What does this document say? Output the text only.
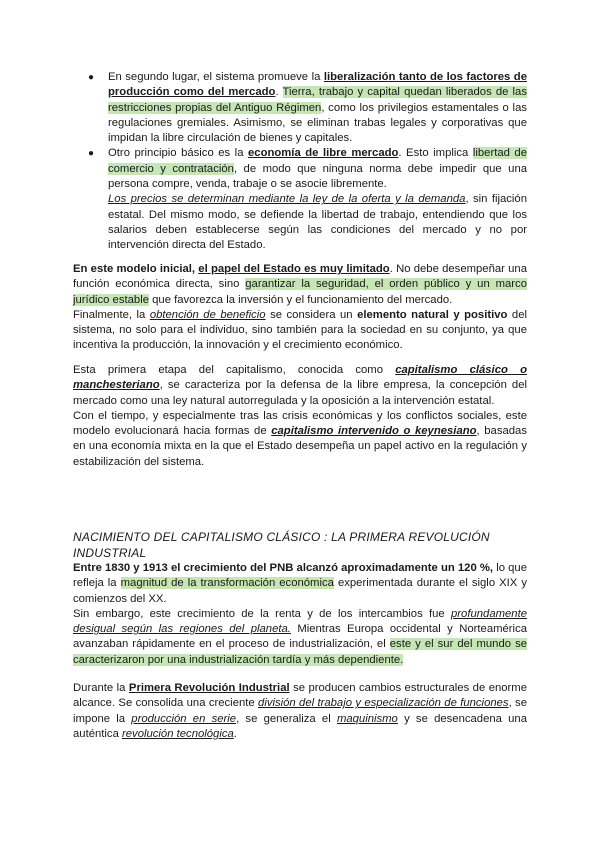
● En segundo lugar, el sistema promueve la liberalización tanto de los factores de producción como del mercado. Tierra, trabajo y capital quedan liberados de las restricciones propias del Antiguo Régimen, como los privilegios estamentales o las regulaciones gremiales. Asimismo, se eliminan trabas legales y corporativas que impidan la libre circulación de bienes y capitales.
● Otro principio básico es la economía de libre mercado. Esto implica libertad de comercio y contratación, de modo que ninguna norma debe impedir que una persona compre, venda, trabaje o se asocie libremente.
Los precios se determinan mediante la ley de la oferta y la demanda, sin fijación estatal. Del mismo modo, se defiende la libertad de trabajo, entendiendo que los salarios deben establecerse según las condiciones del mercado y no por intervención directa del Estado.

En este modelo inicial, el papel del Estado es muy limitado. No debe desempeñar una función económica directa, sino garantizar la seguridad, el orden público y un marco jurídico estable que favorezca la inversión y el funcionamiento del mercado.

Finalmente, la obtención de beneficio se considera un elemento natural y positivo del sistema, no solo para el individuo, sino también para la sociedad en su conjunto, ya que incentiva la producción, la innovación y el crecimiento económico.

Esta primera etapa del capitalismo, conocida como capitalismo clásico o manchesteriano, se caracteriza por la defensa de la libre empresa, la concepción del mercado como una ley natural autorregulada y la oposición a la intervención estatal.

Con el tiempo, y especialmente tras las crisis económicas y los conflictos sociales, este modelo evolucionará hacia formas de capitalismo intervenido o keynesiano, basadas en una economía mixta en la que el Estado desempeña un papel activo en la regulación y estabilización del sistema.

NACIMIENTO DEL CAPITALISMO CLÁSICO : LA PRIMERA REVOLUCIÓN INDUSTRIAL

Entre 1830 y 1913 el crecimiento del PNB alcanzó aproximadamente un 120 %, lo que refleja la magnitud de la transformación económica experimentada durante el siglo XIX y comienzos del XX.

Sin embargo, este crecimiento de la renta y de los intercambios fue profundamente desigual según las regiones del planeta. Mientras Europa occidental y Norteamérica avanzaban rápidamente en el proceso de industrialización, el este y el sur del mundo se caracterizaron por una industrialización tardía y más dependiente.

Durante la Primera Revolución Industrial se producen cambios estructurales de enorme alcance. Se consolida una creciente división del trabajo y especialización de funciones, se impone la producción en serie, se generaliza el maquinismo y se desencadena una auténtica revolución tecnológica.
